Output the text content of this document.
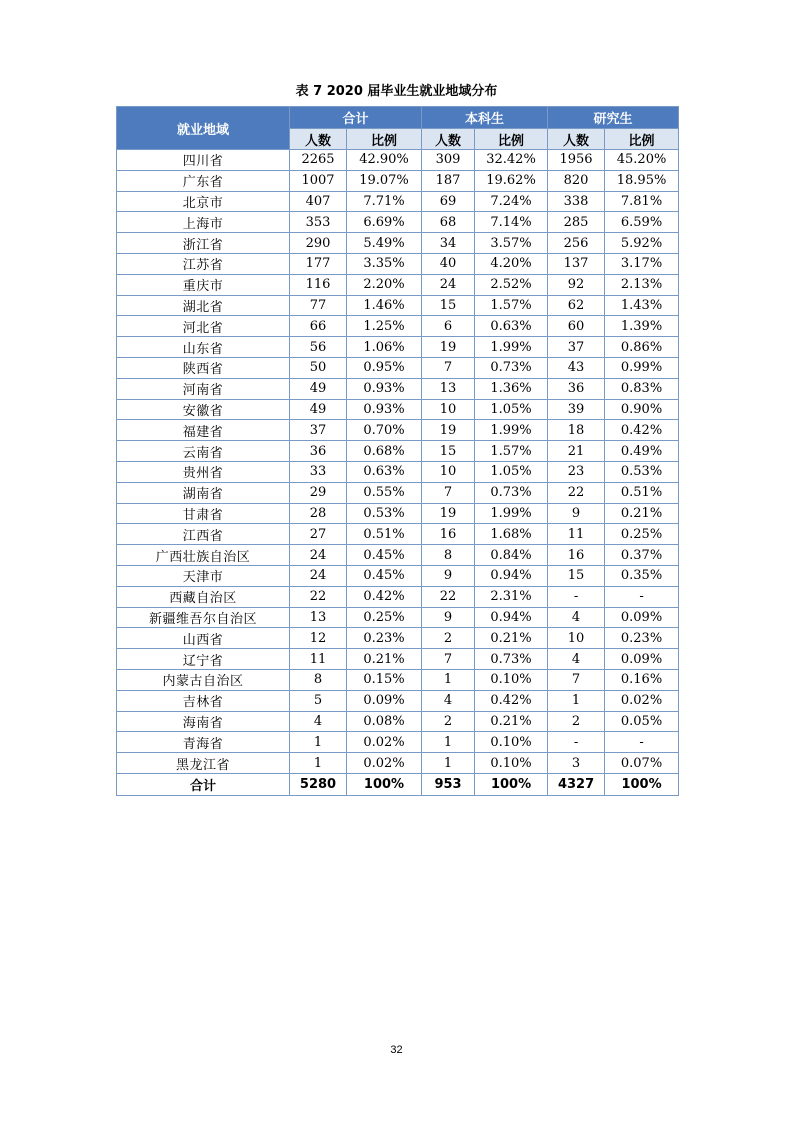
表 7 2020 届毕业生就业地域分布
就业地域	合计		本科生		研究生	
	人数	比例	人数	比例	人数	比例
四川省	2265	42.90%	309	32.42%	1956	45.20%
广东省	1007	19.07%	187	19.62%	820	18.95%
北京市	407	7.71%	69	7.24%	338	7.81%
上海市	353	6.69%	68	7.14%	285	6.59%
浙江省	290	5.49%	34	3.57%	256	5.92%
江苏省	177	3.35%	40	4.20%	137	3.17%
重庆市	116	2.20%	24	2.52%	92	2.13%
湖北省	77	1.46%	15	1.57%	62	1.43%
河北省	66	1.25%	6	0.63%	60	1.39%
山东省	56	1.06%	19	1.99%	37	0.86%
陕西省	50	0.95%	7	0.73%	43	0.99%
河南省	49	0.93%	13	1.36%	36	0.83%
安徽省	49	0.93%	10	1.05%	39	0.90%
福建省	37	0.70%	19	1.99%	18	0.42%
云南省	36	0.68%	15	1.57%	21	0.49%
贵州省	33	0.63%	10	1.05%	23	0.53%
湖南省	29	0.55%	7	0.73%	22	0.51%
甘肃省	28	0.53%	19	1.99%	9	0.21%
江西省	27	0.51%	16	1.68%	11	0.25%
广西壮族自治区	24	0.45%	8	0.84%	16	0.37%
天津市	24	0.45%	9	0.94%	15	0.35%
西藏自治区	22	0.42%	22	2.31%	-	-
新疆维吾尔自治区	13	0.25%	9	0.94%	4	0.09%
山西省	12	0.23%	2	0.21%	10	0.23%
辽宁省	11	0.21%	7	0.73%	4	0.09%
内蒙古自治区	8	0.15%	1	0.10%	7	0.16%
吉林省	5	0.09%	4	0.42%	1	0.02%
海南省	4	0.08%	2	0.21%	2	0.05%
青海省	1	0.02%	1	0.10%	-	-
黑龙江省	1	0.02%	1	0.10%	3	0.07%
合计	5280	100%	953	100%	4327	100%
32
